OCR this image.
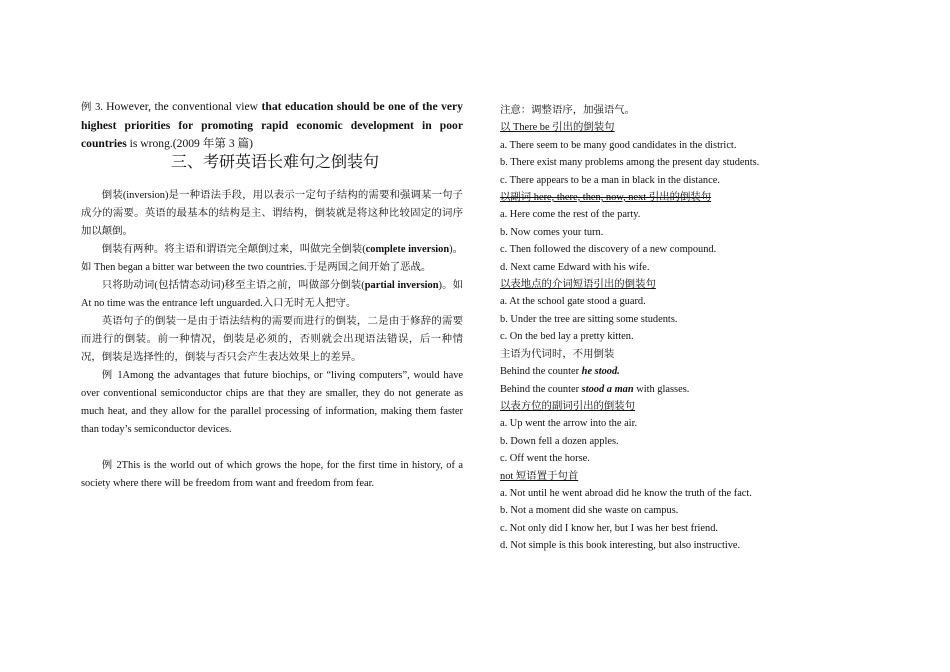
例 3. However, the conventional view that education should be one of the very highest priorities for promoting rapid economic development in poor countries is wrong.(2009 年第 3 篇)
三、考研英语长难句之倒装句

倒装(inversion)是一种语法手段，用以表示一定句子结构的需要和强调某一句子成分的需要。英语的最基本的结构是主、谓结构，倒装就是将这种比较固定的词序加以颠倒。

倒装有两种。将主语和谓语完全颠倒过来，叫做完全倒装(complete inversion)。如 Then began a bitter war between the two countries.于是两国之间开始了恶战。

只将助动词(包括情态动词)移至主语之前，叫做部分倒装(partial inversion)。如 At no time was the entrance left unguarded.入口无时无人把守。

英语句子的倒装一是由于语法结构的需要而进行的倒装，二是由于修辞的需要而进行的倒装。前一种情况，倒装是必须的，否则就会出现语法错误，后一种情况，倒装是选择性的，倒装与否只会产生表达效果上的差异。

例 1Among the advantages that future biochips, or “living computers”, would have over conventional semiconductor chips are that they are smaller, they do not generate as much heat, and they allow for the parallel processing of information, making them faster than today’s semiconductor devices.

例 2This is the world out of which grows the hope, for the first time in history, of a society where there will be freedom from want and freedom from fear.

注意：调整语序，加强语气。
以 There be 引出的倒装句
a. There seem to be many good candidates in the district.
b. There exist many problems among the present day students.
c. There appears to be a man in black in the distance.
以副词 here, there, then, now, next 引出的倒装句
a. Here come the rest of the party.
b. Now comes your turn.
c. Then followed the discovery of a new compound.
d. Next came Edward with his wife.
以表地点的介词短语引出的倒装句
a. At the school gate stood a guard.
b. Under the tree are sitting some students.
c. On the bed lay a pretty kitten.
主语为代词时，不用倒装
Behind the counter he stood.
Behind the counter stood a man with glasses.
以表方位的副词引出的倒装句
a. Up went the arrow into the air.
b. Down fell a dozen apples.
c. Off went the horse.
not 短语置于句首
a. Not until he went abroad did he know the truth of the fact.
b. Not a moment did she waste on campus.
c. Not only did I know her, but I was her best friend.
d. Not simple is this book interesting, but also instructive.
